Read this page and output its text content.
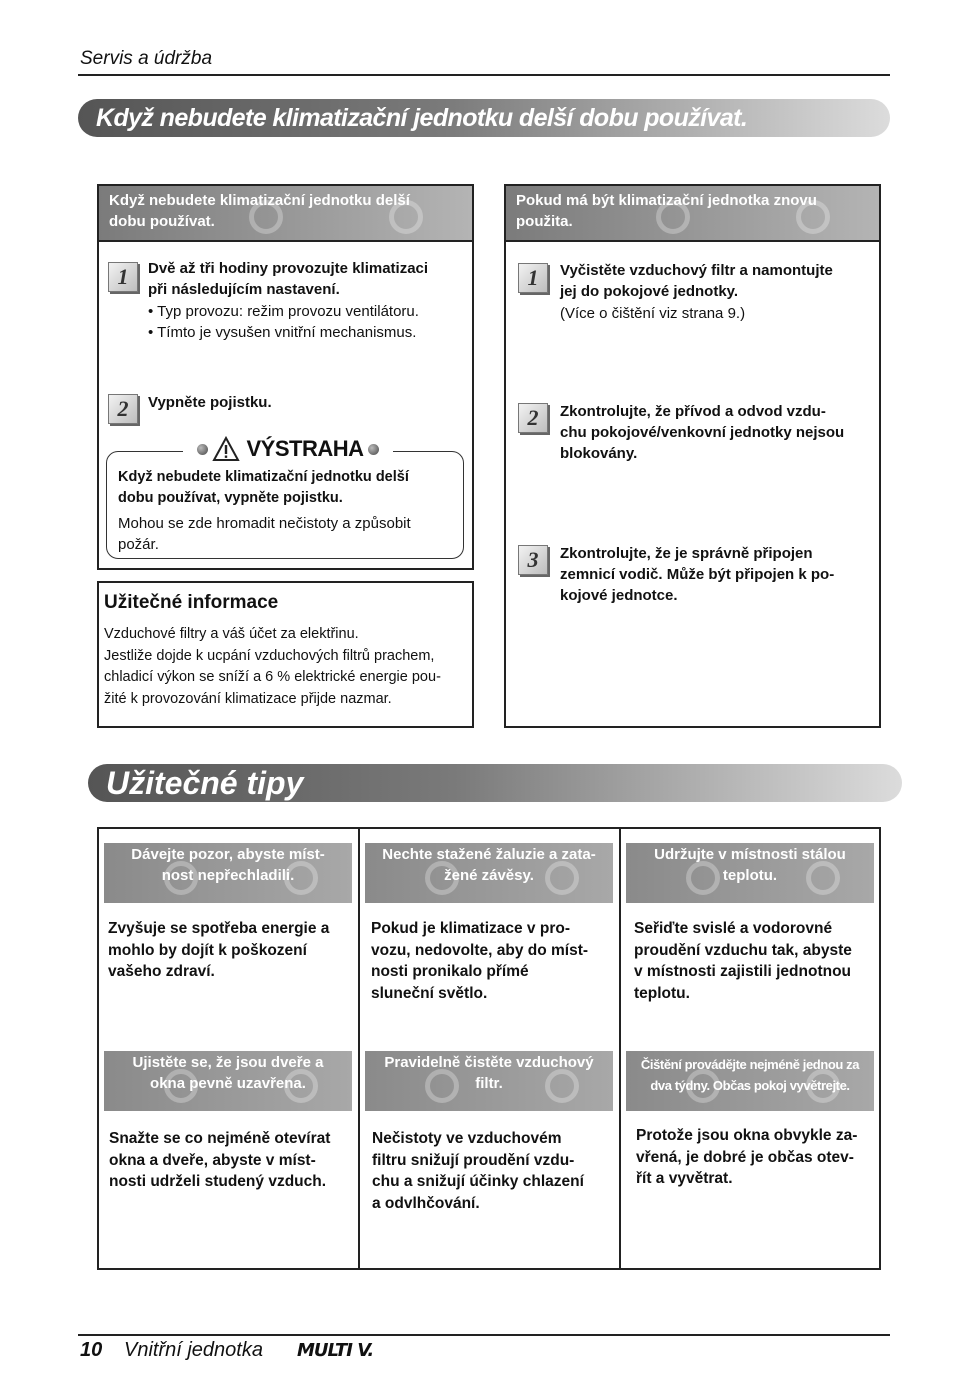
Servis a údržba
Když nebudete klimatizační jednotku delší dobu používat.
Když nebudete klimatizační jednotku delší
dobu používat.
1	Dvě až tři hodiny provozujte klimatizaci
při následujícím nastavení.
• Typ provozu: režim provozu ventilátoru.
• Tímto je vysušen vnitřní mechanismus.
2	Vypněte pojistku.
VÝSTRAHA
Když nebudete klimatizační jednotku delší
dobu používat, vypněte pojistku.
Mohou se zde hromadit nečistoty a způsobit
požár.
Užitečné informace
Vzduchové filtry a váš účet za elektřinu.
Jestliže dojde k ucpání vzduchových filtrů prachem,
chladicí výkon se sníží a 6 % elektrické energie pou-
žité k provozování klimatizace přijde nazmar.
Pokud má být klimatizační jednotka znovu
použita.
1	Vyčistěte vzduchový filtr a namontujte
jej do pokojové jednotky.
(Více o čištění viz strana 9.)
2	Zkontrolujte, že přívod a odvod vzdu-
chu pokojové/venkovní jednotky nejsou
blokovány.
3	Zkontrolujte, že je správně připojen
zemnicí vodič. Může být připojen k po-
kojové jednotce.
Užitečné tipy
Dávejte pozor, abyste míst-
nost nepřechladili.
Nechte stažené žaluzie a zata-
žené závěsy.
Udržujte v místnosti stálou
teplotu.
Zvyšuje se spotřeba energie a
mohlo by dojít k poškození
vašeho zdraví.
Pokud je klimatizace v pro-
vozu, nedovolte, aby do míst-
nosti pronikalo přímé
sluneční světlo.
Seřiďte svislé a vodorovné
proudění vzduchu tak, abyste
v místnosti zajistili jednotnou
teplotu.
Ujistěte se, že jsou dveře a
okna pevně uzavřena.
Pravidelně čistěte vzduchový
filtr.
Čištění provádějte nejméně jednou za
dva týdny. Občas pokoj vyvětrejte.
Snažte se co nejméně otevírat
okna a dveře, abyste v míst-
nosti udrželi studený vzduch.
Nečistoty ve vzduchovém
filtru snižují proudění vzdu-
chu a snižují účinky chlazení
a odvlhčování.
Protože jsou okna obvykle za-
vřená, je dobré je občas otev-
řít a vyvětrat.
10 Vnitřní jednotka MULTI V.
